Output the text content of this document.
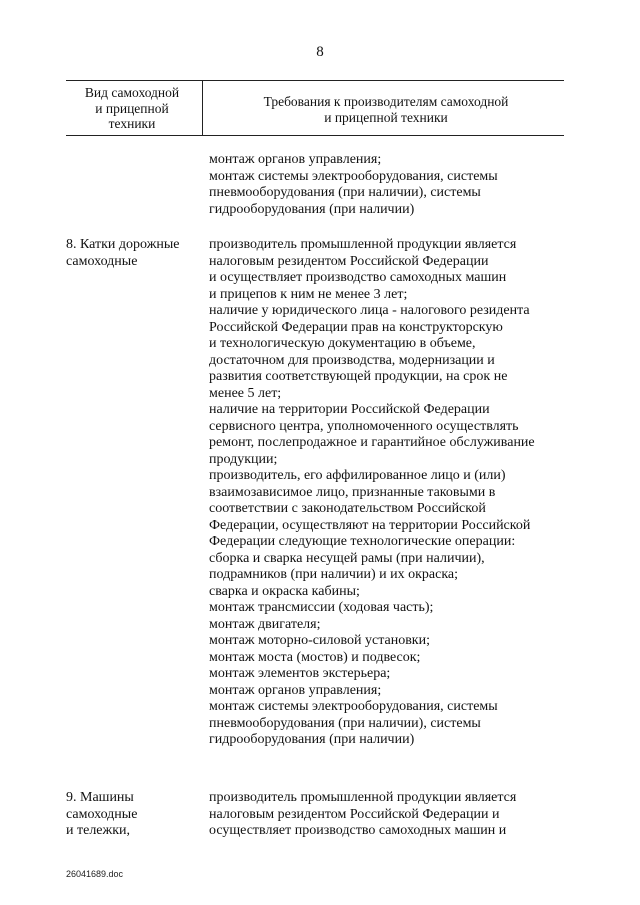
8
Вид самоходной
и прицепной
техники
Требования к производителям самоходной
и прицепной техники
монтаж органов управления;
монтаж системы электрооборудования, системы
пневмооборудования (при наличии), системы
гидрооборудования (при наличии)
8. Катки дорожные
самоходные
производитель промышленной продукции является
налоговым резидентом Российской Федерации
и осуществляет производство самоходных машин
и прицепов к ним не менее 3 лет;
наличие у юридического лица - налогового резидента
Российской Федерации прав на конструкторскую
и технологическую документацию в объеме,
достаточном для производства, модернизации и
развития соответствующей продукции, на срок не
менее 5 лет;
наличие на территории Российской Федерации
сервисного центра, уполномоченного осуществлять
ремонт, послепродажное и гарантийное обслуживание
продукции;
производитель, его аффилированное лицо и (или)
взаимозависимое лицо, признанные таковыми в
соответствии с законодательством Российской
Федерации, осуществляют на территории Российской
Федерации следующие технологические операции:
сборка и сварка несущей рамы (при наличии),
подрамников (при наличии) и их окраска;
сварка и окраска кабины;
монтаж трансмиссии (ходовая часть);
монтаж двигателя;
монтаж моторно-силовой установки;
монтаж моста (мостов) и подвесок;
монтаж элементов экстерьера;
монтаж органов управления;
монтаж системы электрооборудования, системы
пневмооборудования (при наличии), системы
гидрооборудования (при наличии)
9. Машины
самоходные
и тележки,
производитель промышленной продукции является
налоговым резидентом Российской Федерации и
осуществляет производство самоходных машин и
26041689.doc
